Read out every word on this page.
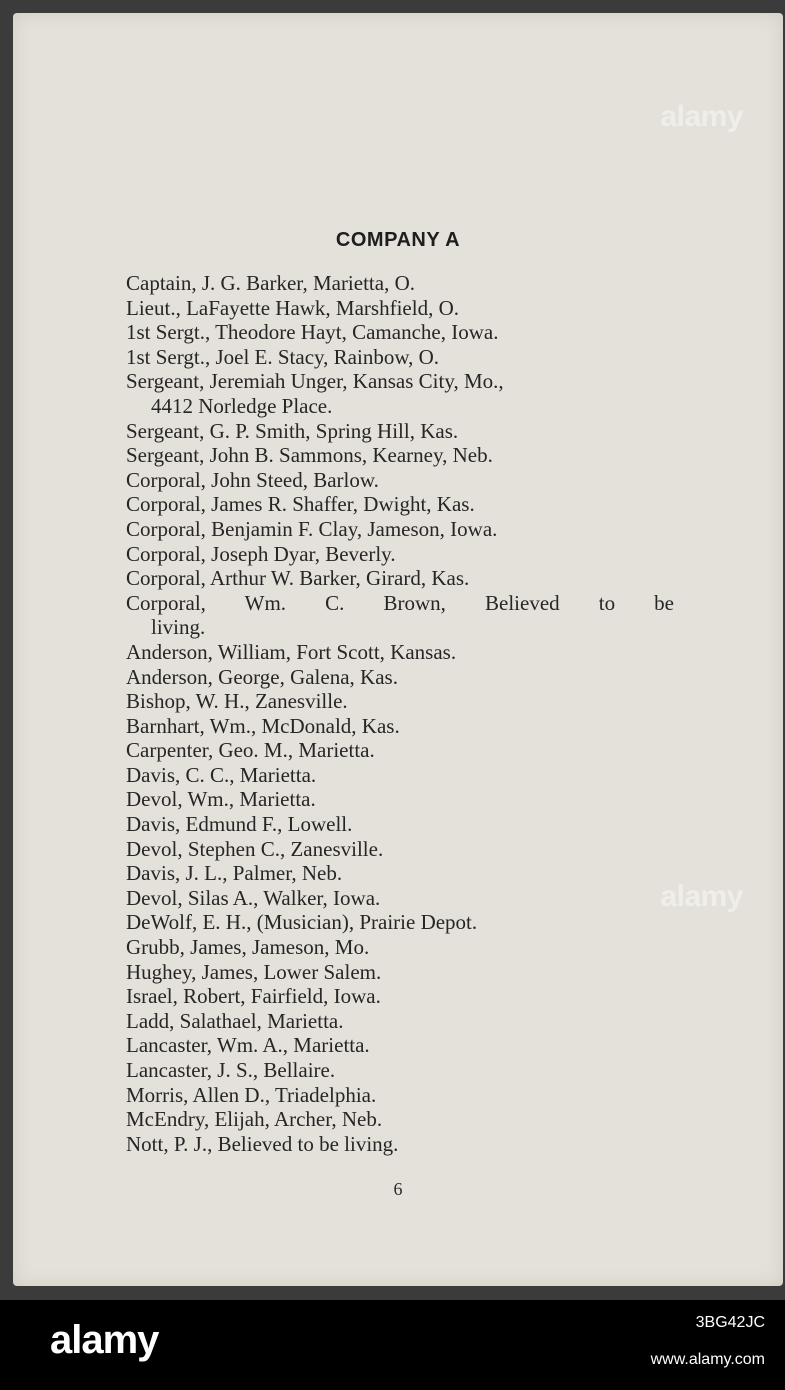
COMPANY A
Captain, J. G. Barker, Marietta, O.
Lieut., LaFayette Hawk, Marshfield, O.
1st Sergt., Theodore Hayt, Camanche, Iowa.
1st Sergt., Joel E. Stacy, Rainbow, O.
Sergeant, Jeremiah Unger, Kansas City, Mo.,
4412 Norledge Place.
Sergeant, G. P. Smith, Spring Hill, Kas.
Sergeant, John B. Sammons, Kearney, Neb.
Corporal, John Steed, Barlow.
Corporal, James R. Shaffer, Dwight, Kas.
Corporal, Benjamin F. Clay, Jameson, Iowa.
Corporal, Joseph Dyar, Beverly.
Corporal, Arthur W. Barker, Girard, Kas.
Corporal, Wm. C. Brown, Believed to be
living.
Anderson, William, Fort Scott, Kansas.
Anderson, George, Galena, Kas.
Bishop, W. H., Zanesville.
Barnhart, Wm., McDonald, Kas.
Carpenter, Geo. M., Marietta.
Davis, C. C., Marietta.
Devol, Wm., Marietta.
Davis, Edmund F., Lowell.
Devol, Stephen C., Zanesville.
Davis, J. L., Palmer, Neb.
Devol, Silas A., Walker, Iowa.
DeWolf, E. H., (Musician), Prairie Depot.
Grubb, James, Jameson, Mo.
Hughey, James, Lower Salem.
Israel, Robert, Fairfield, Iowa.
Ladd, Salathael, Marietta.
Lancaster, Wm. A., Marietta.
Lancaster, J. S., Bellaire.
Morris, Allen D., Triadelphia.
McEndry, Elijah, Archer, Neb.
Nott, P. J., Believed to be living.
6
alamy
alamy
alamy	3BG42JC
www.alamy.com
